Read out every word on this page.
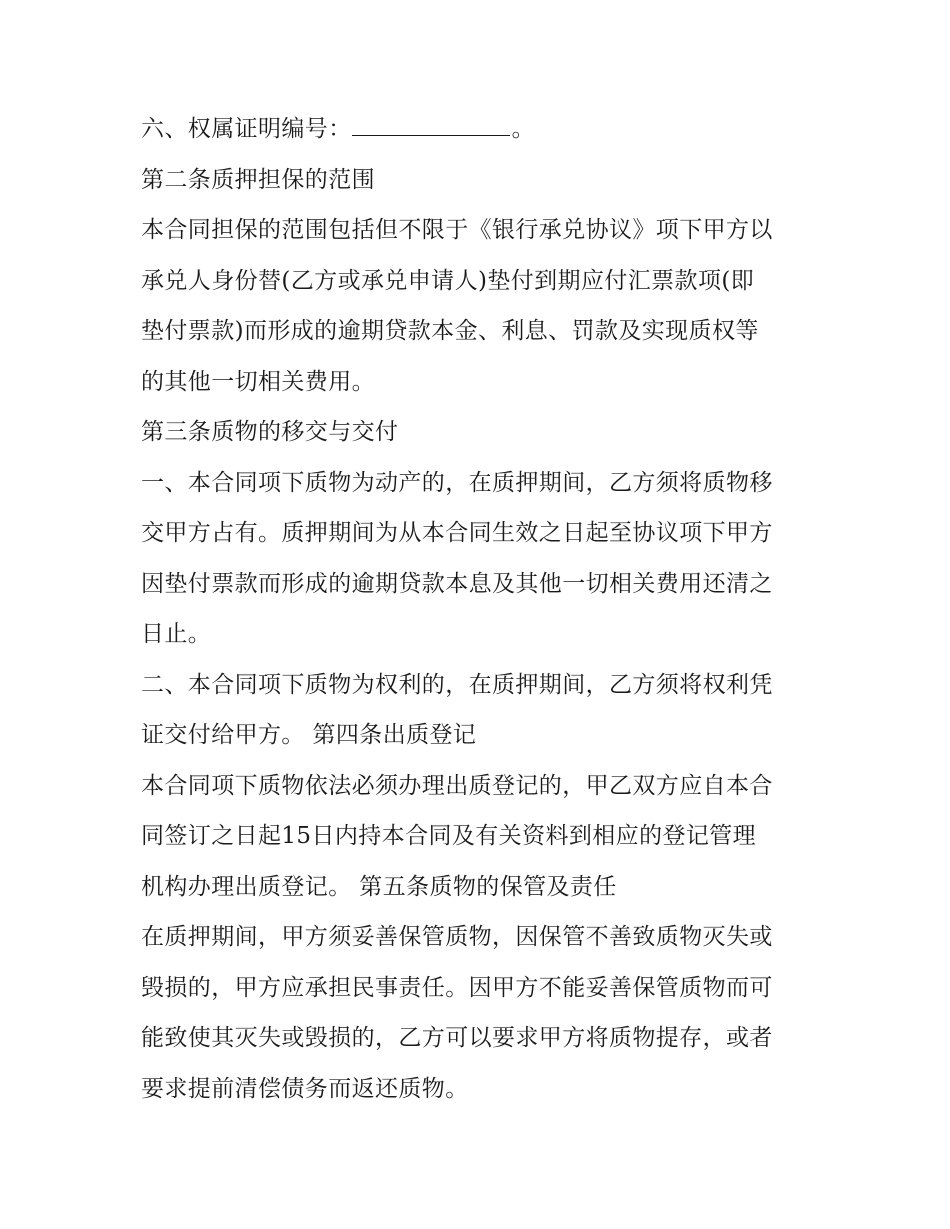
六、权属证明编号：	。
第二条质押担保的范围
本合同担保的范围包括但不限于《银行承兑协议》项下甲方以
承兑人身份替(乙方或承兑申请人)垫付到期应付汇票款项(即
垫付票款)而形成的逾期贷款本金、利息、罚款及实现质权等
的其他一切相关费用。
第三条质物的移交与交付
一、本合同项下质物为动产的，在质押期间，乙方须将质物移
交甲方占有。质押期间为从本合同生效之日起至协议项下甲方
因垫付票款而形成的逾期贷款本息及其他一切相关费用还清之
日止。
二、本合同项下质物为权利的，在质押期间，乙方须将权利凭
证交付给甲方。 第四条出质登记
本合同项下质物依法必须办理出质登记的，甲乙双方应自本合
同签订之日起15日内持本合同及有关资料到相应的登记管理
机构办理出质登记。 第五条质物的保管及责任
在质押期间，甲方须妥善保管质物，因保管不善致质物灭失或
毁损的，甲方应承担民事责任。因甲方不能妥善保管质物而可
能致使其灭失或毁损的，乙方可以要求甲方将质物提存，或者
要求提前清偿债务而返还质物。
